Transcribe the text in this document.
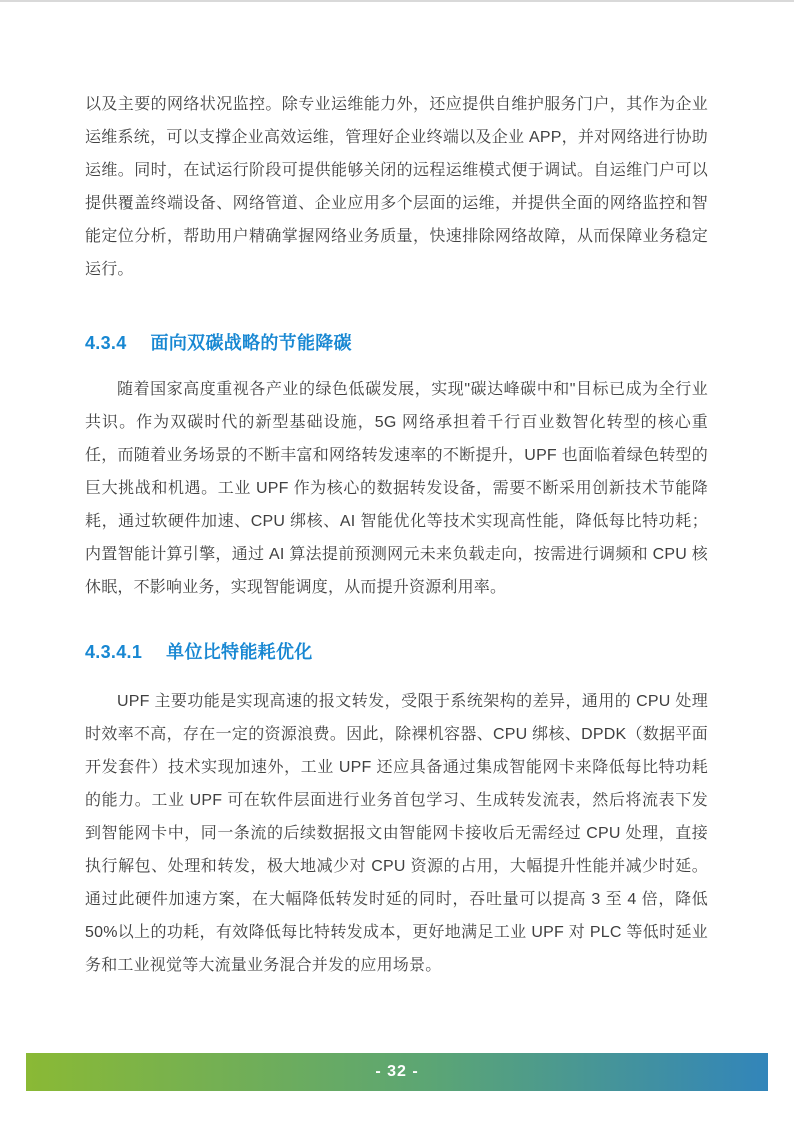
以及主要的网络状况监控。除专业运维能力外，还应提供自维护服务门户，其作为企业运维系统，可以支撑企业高效运维，管理好企业终端以及企业 APP，并对网络进行协助运维。同时，在试运行阶段可提供能够关闭的远程运维模式便于调试。自运维门户可以提供覆盖终端设备、网络管道、企业应用多个层面的运维，并提供全面的网络监控和智能定位分析，帮助用户精确掌握网络业务质量，快速排除网络故障，从而保障业务稳定运行。

4.3.4 面向双碳战略的节能降碳

随着国家高度重视各产业的绿色低碳发展，实现"碳达峰碳中和"目标已成为全行业共识。作为双碳时代的新型基础设施，5G 网络承担着千行百业数智化转型的核心重任，而随着业务场景的不断丰富和网络转发速率的不断提升，UPF 也面临着绿色转型的巨大挑战和机遇。工业 UPF 作为核心的数据转发设备，需要不断采用创新技术节能降耗，通过软硬件加速、CPU 绑核、AI 智能优化等技术实现高性能，降低每比特功耗；内置智能计算引擎，通过 AI 算法提前预测网元未来负载走向，按需进行调频和 CPU 核休眠，不影响业务，实现智能调度，从而提升资源利用率。

4.3.4.1 单位比特能耗优化

UPF 主要功能是实现高速的报文转发，受限于系统架构的差异，通用的 CPU 处理时效率不高，存在一定的资源浪费。因此，除裸机容器、CPU 绑核、DPDK（数据平面开发套件）技术实现加速外，工业 UPF 还应具备通过集成智能网卡来降低每比特功耗的能力。工业 UPF 可在软件层面进行业务首包学习、生成转发流表，然后将流表下发到智能网卡中，同一条流的后续数据报文由智能网卡接收后无需经过 CPU 处理，直接执行解包、处理和转发，极大地减少对 CPU 资源的占用，大幅提升性能并减少时延。通过此硬件加速方案，在大幅降低转发时延的同时，吞吐量可以提高 3 至 4 倍，降低 50%以上的功耗，有效降低每比特转发成本，更好地满足工业 UPF 对 PLC 等低时延业务和工业视觉等大流量业务混合并发的应用场景。

- 32 -
